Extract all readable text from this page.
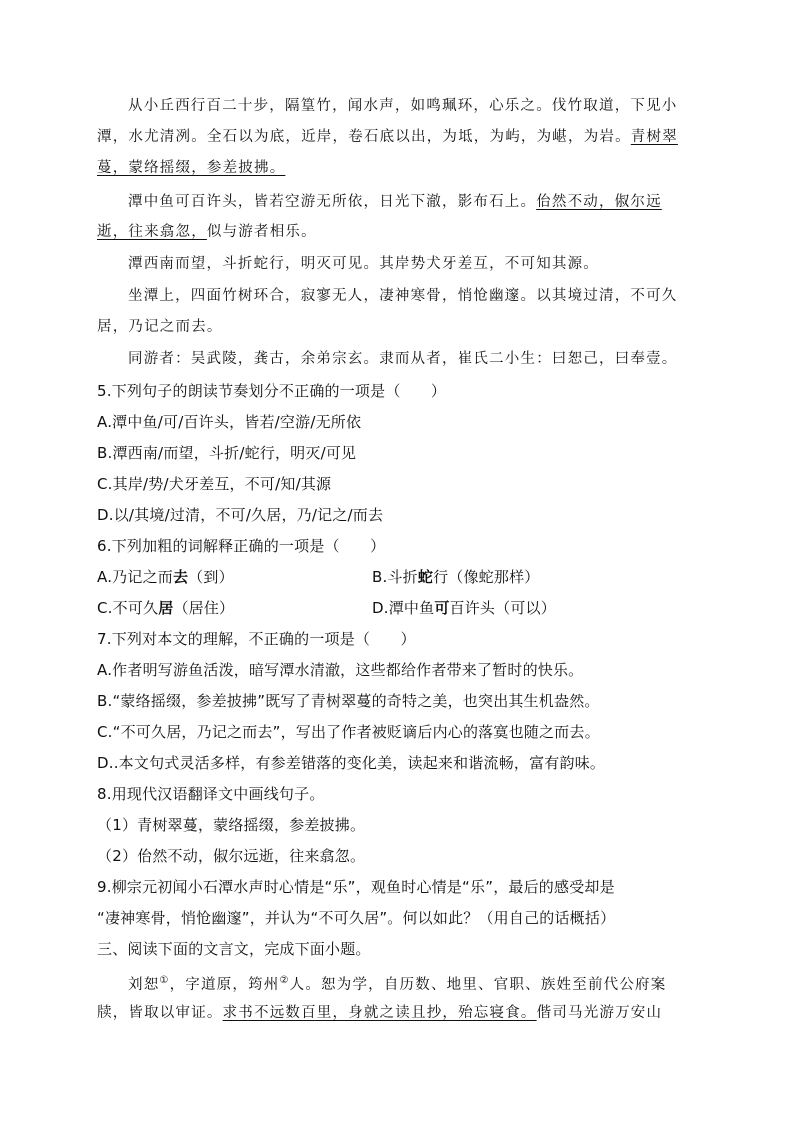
从小丘西行百二十步，隔篁竹，闻水声，如鸣珮环，心乐之。伐竹取道，下见小
潭，水尤清冽。全石以为底，近岸，卷石底以出，为坻，为屿，为嵁，为岩。青树翠
蔓，蒙络摇缀，参差披拂。
潭中鱼可百许头，皆若空游无所依，日光下澈，影布石上。佁然不动，俶尔远
逝，往来翕忽，似与游者相乐。
潭西南而望，斗折蛇行，明灭可见。其岸势犬牙差互，不可知其源。
坐潭上，四面竹树环合，寂寥无人，凄神寒骨，悄怆幽邃。以其境过清，不可久
居，乃记之而去。
同游者：吴武陵，龚古，余弟宗玄。隶而从者，崔氏二小生：曰恕己，曰奉壹。
5.下列句子的朗读节奏划分不正确的一项是（　　）
A.潭中鱼/可/百许头，皆若/空游/无所依
B.潭西南/而望，斗折/蛇行，明灭/可见
C.其岸/势/犬牙差互，不可/知/其源
D.以/其境/过清，不可/久居，乃/记之/而去
6.下列加粗的词解释正确的一项是（　　）
A.乃记之而去（到）	B.斗折蛇行（像蛇那样）
C.不可久居（居住）	D.潭中鱼可百许头（可以）
7.下列对本文的理解，不正确的一项是（　　）
A.作者明写游鱼活泼，暗写潭水清澈，这些都给作者带来了暂时的快乐。
B.“蒙络摇缀，参差披拂”既写了青树翠蔓的奇特之美，也突出其生机盎然。
C.“不可久居，乃记之而去”，写出了作者被贬谪后内心的落寞也随之而去。
D..本文句式灵活多样，有参差错落的变化美，读起来和谐流畅，富有韵味。
8.用现代汉语翻译文中画线句子。
（1）青树翠蔓，蒙络摇缀，参差披拂。
（2）佁然不动，俶尔远逝，往来翕忽。
9.柳宗元初闻小石潭水声时心情是“乐”，观鱼时心情是“乐”，最后的感受却是
“凄神寒骨，悄怆幽邃”，并认为“不可久居”。何以如此？（用自己的话概括）
三、阅读下面的文言文，完成下面小题。
刘恕①，字道原，筠州②人。恕为学，自历数、地里、官职、族姓至前代公府案
牍，皆取以审证。求书不远数百里，身就之读且抄，殆忘寝食。偕司马光游万安山
